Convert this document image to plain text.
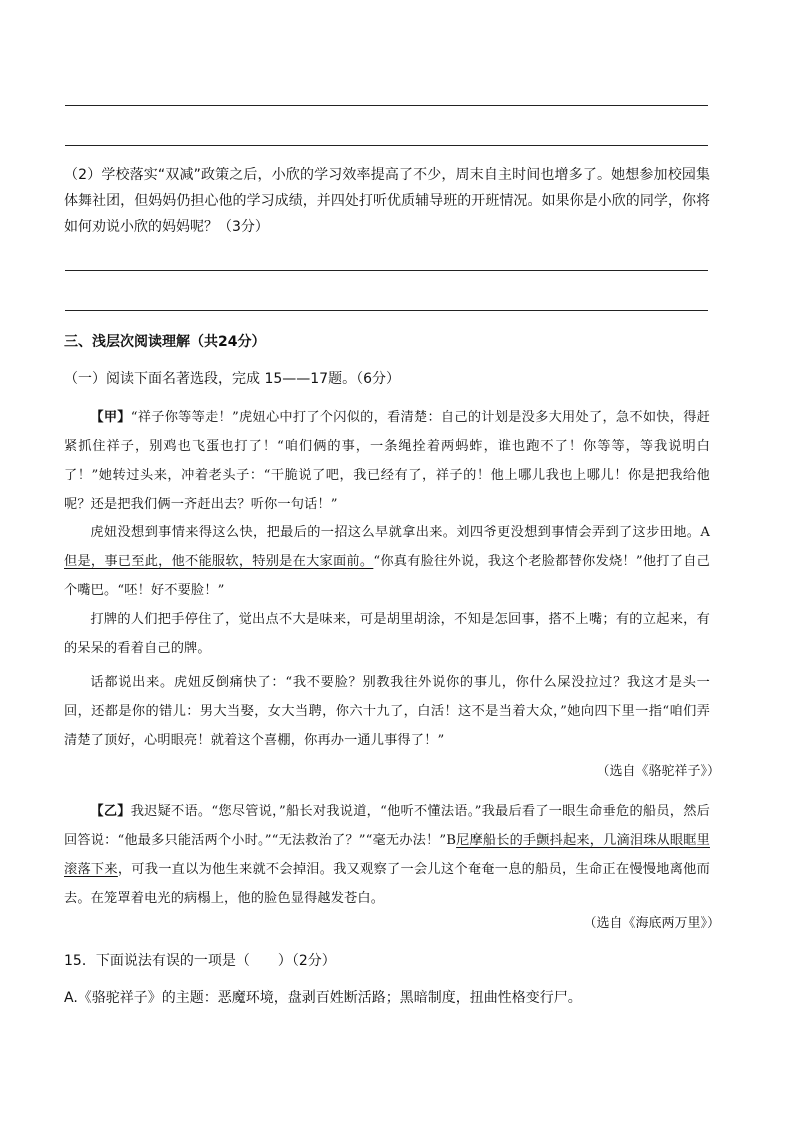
（2）学校落实“双减”政策之后，小欣的学习效率提高了不少，周末自主时间也增多了。她想参加校园集体舞社团，但妈妈仍担心他的学习成绩，并四处打听优质辅导班的开班情况。如果你是小欣的同学，你将如何劝说小欣的妈妈呢？（3分）

三、浅层次阅读理解（共24分）
（一）阅读下面名著选段，完成 15——17题。（6分）
【甲】“祥子你等等走！”虎妞心中打了个闪似的，看清楚：自己的计划是没多大用处了，急不如快，得赶紧抓住祥子，别鸡也飞蛋也打了！“咱们俩的事，一条绳拴着两蚂蚱，谁也跑不了！你等等，等我说明白了！”她转过头来，冲着老头子：“干脆说了吧，我已经有了，祥子的！他上哪儿我也上哪儿！你是把我给他呢？还是把我们俩一齐赶出去？听你一句话！”
虎妞没想到事情来得这么快，把最后的一招这么早就拿出来。刘四爷更没想到事情会弄到了这步田地。A但是，事已至此，他不能服软，特别是在大家面前。“你真有脸往外说，我这个老脸都替你发烧！”他打了自己个嘴巴。“呸！好不要脸！”
打牌的人们把手停住了，觉出点不大是味来，可是胡里胡涂，不知是怎回事，搭不上嘴；有的立起来，有的呆呆的看着自己的牌。
话都说出来。虎妞反倒痛快了：“我不要脸？别教我往外说你的事儿，你什么屎没拉过？我这才是头一回，还都是你的错儿：男大当娶，女大当聘，你六十九了，白活！这不是当着大众，”她向四下里一指“咱们弄清楚了顶好，心明眼亮！就着这个喜棚，你再办一通儿事得了！”
（选自《骆驼祥子》）
【乙】我迟疑不语。“您尽管说，”船长对我说道，“他听不懂法语。”我最后看了一眼生命垂危的船员，然后回答说：“他最多只能活两个小时。”“无法救治了？”“毫无办法！”B尼摩船长的手颤抖起来，几滴泪珠从眼眶里滚落下来，可我一直以为他生来就不会掉泪。我又观察了一会儿这个奄奄一息的船员，生命正在慢慢地离他而去。在笼罩着电光的病榻上，他的脸色显得越发苍白。
（选自《海底两万里》）
15．下面说法有误的一项是（　　）（2分）
A.《骆驼祥子》的主题：恶魔环境，盘剥百姓断活路；黑暗制度，扭曲性格变行尸。
